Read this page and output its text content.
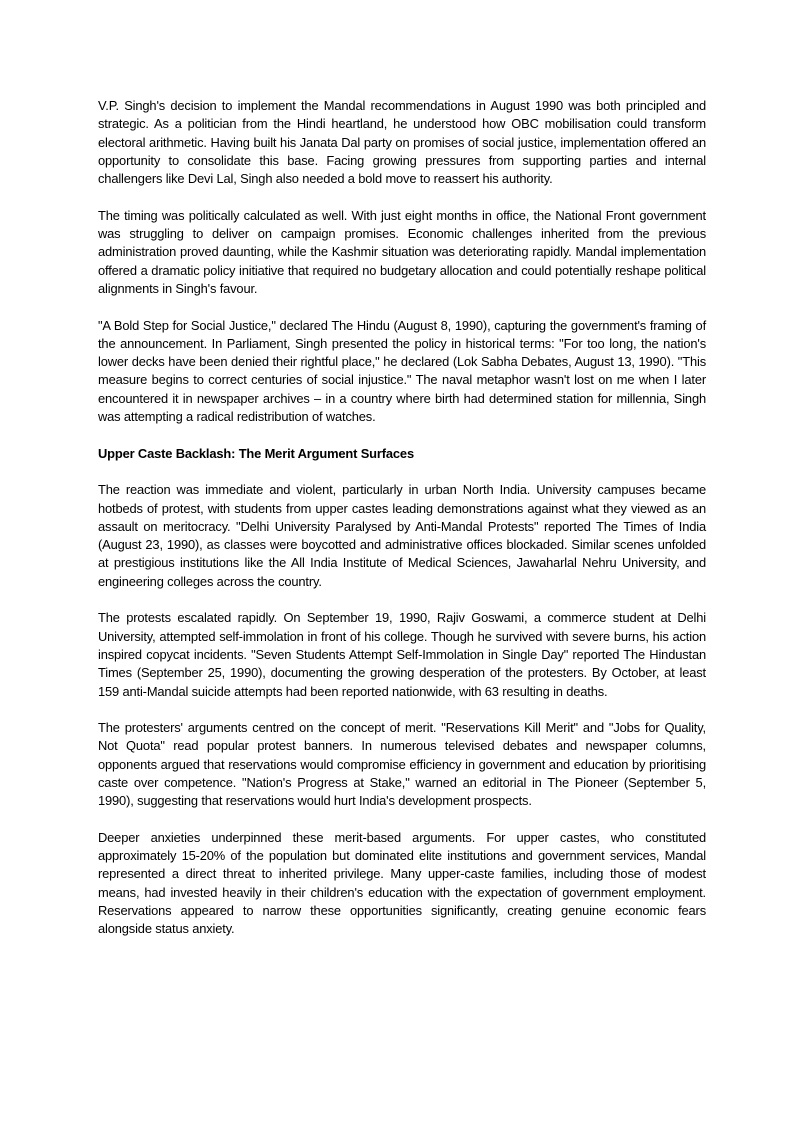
V.P. Singh's decision to implement the Mandal recommendations in August 1990 was both principled and strategic. As a politician from the Hindi heartland, he understood how OBC mobilisation could transform electoral arithmetic. Having built his Janata Dal party on promises of social justice, implementation offered an opportunity to consolidate this base. Facing growing pressures from supporting parties and internal challengers like Devi Lal, Singh also needed a bold move to reassert his authority.

The timing was politically calculated as well. With just eight months in office, the National Front government was struggling to deliver on campaign promises. Economic challenges inherited from the previous administration proved daunting, while the Kashmir situation was deteriorating rapidly. Mandal implementation offered a dramatic policy initiative that required no budgetary allocation and could potentially reshape political alignments in Singh's favour.

"A Bold Step for Social Justice," declared The Hindu (August 8, 1990), capturing the government's framing of the announcement. In Parliament, Singh presented the policy in historical terms: "For too long, the nation's lower decks have been denied their rightful place," he declared (Lok Sabha Debates, August 13, 1990). "This measure begins to correct centuries of social injustice." The naval metaphor wasn't lost on me when I later encountered it in newspaper archives – in a country where birth had determined station for millennia, Singh was attempting a radical redistribution of watches.

Upper Caste Backlash: The Merit Argument Surfaces

The reaction was immediate and violent, particularly in urban North India. University campuses became hotbeds of protest, with students from upper castes leading demonstrations against what they viewed as an assault on meritocracy. "Delhi University Paralysed by Anti-Mandal Protests" reported The Times of India (August 23, 1990), as classes were boycotted and administrative offices blockaded. Similar scenes unfolded at prestigious institutions like the All India Institute of Medical Sciences, Jawaharlal Nehru University, and engineering colleges across the country.

The protests escalated rapidly. On September 19, 1990, Rajiv Goswami, a commerce student at Delhi University, attempted self-immolation in front of his college. Though he survived with severe burns, his action inspired copycat incidents. "Seven Students Attempt Self-Immolation in Single Day" reported The Hindustan Times (September 25, 1990), documenting the growing desperation of the protesters. By October, at least 159 anti-Mandal suicide attempts had been reported nationwide, with 63 resulting in deaths.

The protesters' arguments centred on the concept of merit. "Reservations Kill Merit" and "Jobs for Quality, Not Quota" read popular protest banners. In numerous televised debates and newspaper columns, opponents argued that reservations would compromise efficiency in government and education by prioritising caste over competence. "Nation's Progress at Stake," warned an editorial in The Pioneer (September 5, 1990), suggesting that reservations would hurt India's development prospects.

Deeper anxieties underpinned these merit-based arguments. For upper castes, who constituted approximately 15-20% of the population but dominated elite institutions and government services, Mandal represented a direct threat to inherited privilege. Many upper-caste families, including those of modest means, had invested heavily in their children's education with the expectation of government employment. Reservations appeared to narrow these opportunities significantly, creating genuine economic fears alongside status anxiety.
